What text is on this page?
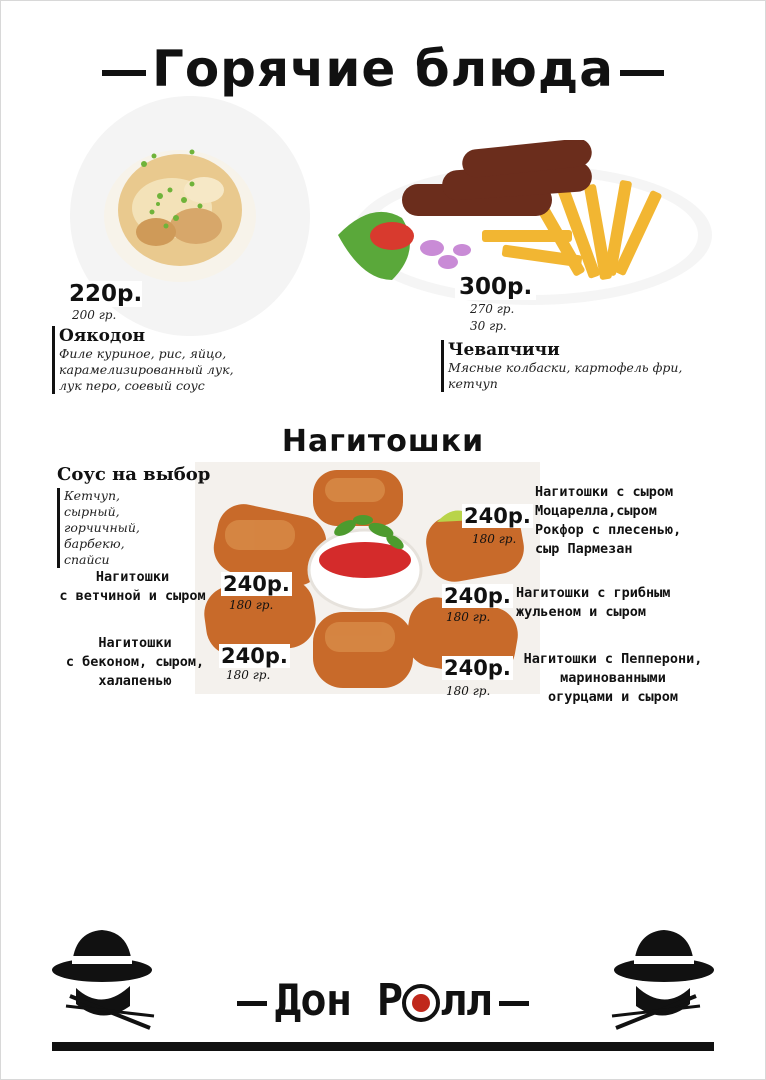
Горячие блюда
220р.
200 гр.
Оякодон
Филе куриное, рис, яйцо,
карамелизированный лук,
лук перо, соевый соус
300р.
270 гр.
30 гр.
Чевапчичи
Мясные колбаски, картофель фри,
кетчуп
Нагитошки
Соус на выбор
Кетчуп,
сырный,
горчичный,
барбекю,
спайси
240р.
180 гр.
Нагитошки с сыром
Моцарелла,сыром
Рокфор с плесенью,
сыр Пармезан
Нагитошки
с ветчиной и сыром 240р.
180 гр.	240р.
180 гр.
Нагитошки с грибным
жульеном и сыром
Нагитошки
с беконом, сыром,
халапенью
240р.
180 гр.	240р.
180 гр.
Нагитошки с Пепперони,
маринованными
огурцами и сыром
Дон Р лл
